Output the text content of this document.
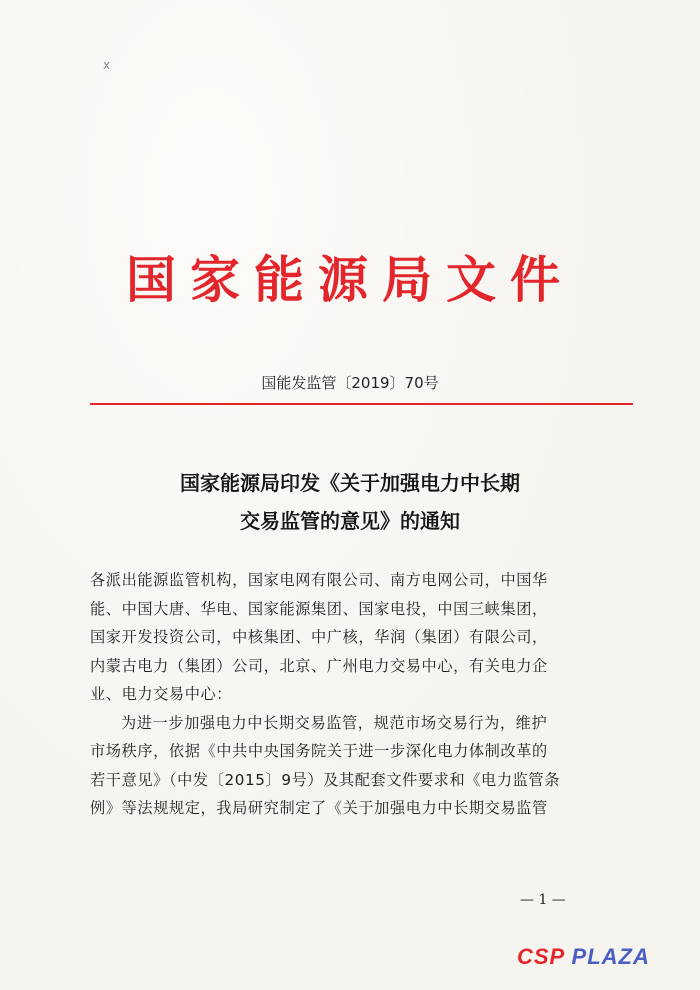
x
国家能源局文件
国能发监管〔2019〕70号
国家能源局印发《关于加强电力中长期
交易监管的意见》的通知
各派出能源监管机构，国家电网有限公司、南方电网公司，中国华
能、中国大唐、华电、国家能源集团、国家电投，中国三峡集团，
国家开发投资公司，中核集团、中广核，华润（集团）有限公司，
内蒙古电力（集团）公司，北京、广州电力交易中心，有关电力企
业、电力交易中心：
为进一步加强电力中长期交易监管，规范市场交易行为，维护
市场秩序，依据《中共中央国务院关于进一步深化电力体制改革的
若干意见》（中发〔2015〕9号）及其配套文件要求和《电力监管条
例》等法规规定，我局研究制定了《关于加强电力中长期交易监管
— 1 —
CSP PLAZA
